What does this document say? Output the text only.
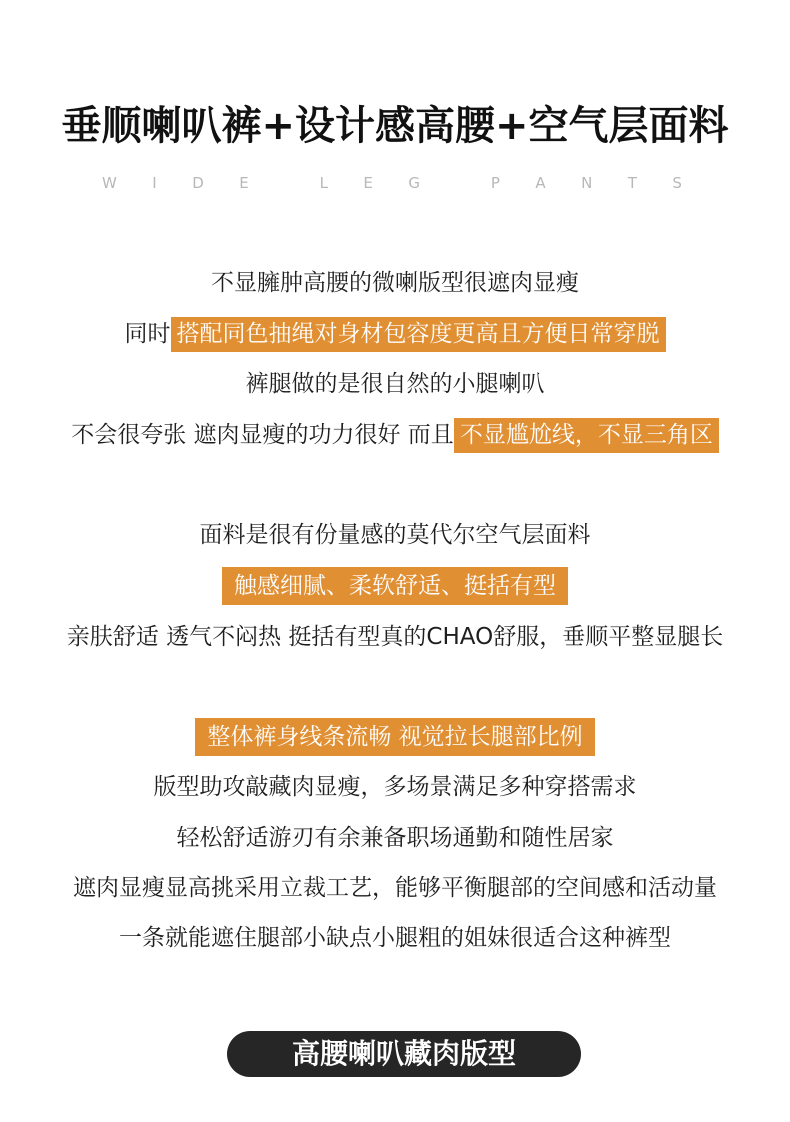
垂顺喇叭裤+设计感高腰+空气层面料
W I D E	L E G	P A N T S
不显臃肿高腰的微喇版型很遮肉显瘦
同时 搭配同色抽绳对身材包容度更高且方便日常穿脱
裤腿做的是很自然的小腿喇叭
不会很夸张 遮肉显瘦的功力很好 而且 不显尴尬线，不显三角区
面料是很有份量感的莫代尔空气层面料
触感细腻、柔软舒适、挺括有型
亲肤舒适 透气不闷热 挺括有型真的CHAO舒服，垂顺平整显腿长
整体裤身线条流畅 视觉拉长腿部比例
版型助攻敲藏肉显瘦，多场景满足多种穿搭需求
轻松舒适游刃有余兼备职场通勤和随性居家
遮肉显瘦显高挑采用立裁工艺，能够平衡腿部的空间感和活动量
一条就能遮住腿部小缺点小腿粗的姐妹很适合这种裤型
高腰喇叭藏肉版型
